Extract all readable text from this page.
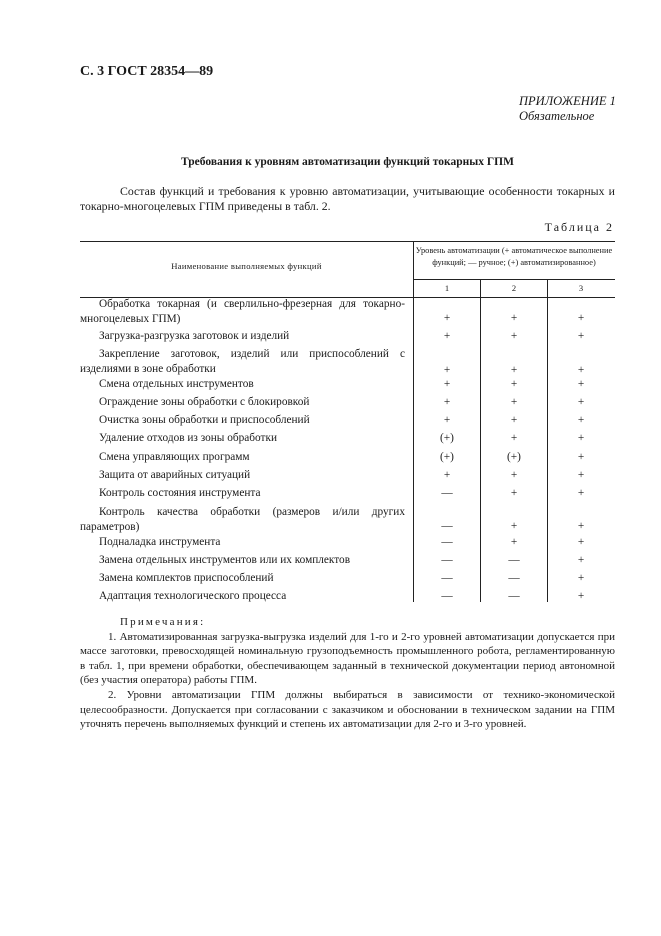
С. 3 ГОСТ 28354—89
ПРИЛОЖЕНИЕ 1
Обязательное
Требования к уровням автоматизации функций токарных ГПМ
Состав функций и требования к уровню автоматизации, учитывающие особенности токарных и токарно-многоцелевых ГПМ приведены в табл. 2.
Таблица 2
Наименование выполняемых функций
Уровень автоматизации (+ автоматическое выполнение функций; — ручное; (+) автоматизированное)
1	2	3
Обработка токарная (и сверлильно-фрезерная для токарно-многоцелевых ГПМ)	+	+	+
Загрузка-разгрузка заготовок и изделий	+	+	+
Закрепление заготовок, изделий или приспособлений с изделиями в зоне обработки	+	+	+
Смена отдельных инструментов	+	+	+
Ограждение зоны обработки с блокировкой	+	+	+
Очистка зоны обработки и приспособлений	+	+	+
Удаление отходов из зоны обработки	(+)	+	+
Смена управляющих программ	(+)	(+)	+
Защита от аварийных ситуаций	+	+	+
Контроль состояния инструмента	—	+	+
Контроль качества обработки (размеров и/или других параметров)	—	+	+
Подналадка инструмента	—	+	+
Замена отдельных инструментов или их комплектов	—	—	+
Замена комплектов приспособлений	—	—	+
Адаптация технологического процесса	—	—	+
Примечания:

1. Автоматизированная загрузка-выгрузка изделий для 1-го и 2-го уровней автоматизации допускается при массе заготовки, превосходящей номинальную грузоподъемность промышленного робота, регламентированную в табл. 1, при времени обработки, обеспечивающем заданный в технической документации период автономной (без участия оператора) работы ГПМ.

2. Уровни автоматизации ГПМ должны выбираться в зависимости от технико-экономической целесообразности. Допускается при согласовании с заказчиком и обосновании в техническом задании на ГПМ уточнять перечень выполняемых функций и степень их автоматизации для 2-го и 3-го уровней.
